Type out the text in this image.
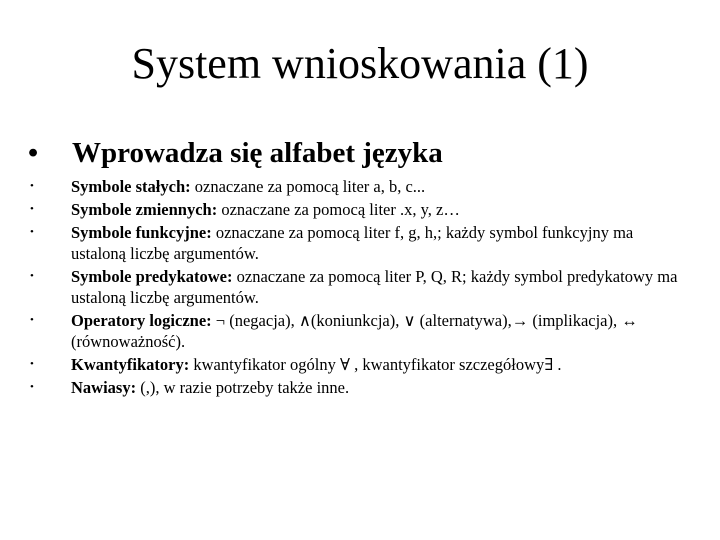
System wnioskowania (1)
•	Wprowadza się alfabet języka
•	Symbole stałych: oznaczane za pomocą liter a, b, c...
•	Symbole zmiennych: oznaczane za pomocą liter .x, y, z…
•	Symbole funkcyjne: oznaczane za pomocą liter f, g, h,; każdy symbol funkcyjny ma ustaloną liczbę argumentów.
•	Symbole predykatowe: oznaczane za pomocą liter P, Q, R; każdy symbol predykatowy ma ustaloną liczbę argumentów.
•	Operatory logiczne: ¬ (negacja), ∧(koniunkcja), ∨ (alternatywa),→ (implikacja), ↔ (równoważność).
•	Kwantyfikatory: kwantyfikator ogólny ∀ , kwantyfikator szczegółowy∃ .
•	Nawiasy: (,), w razie potrzeby także inne.
